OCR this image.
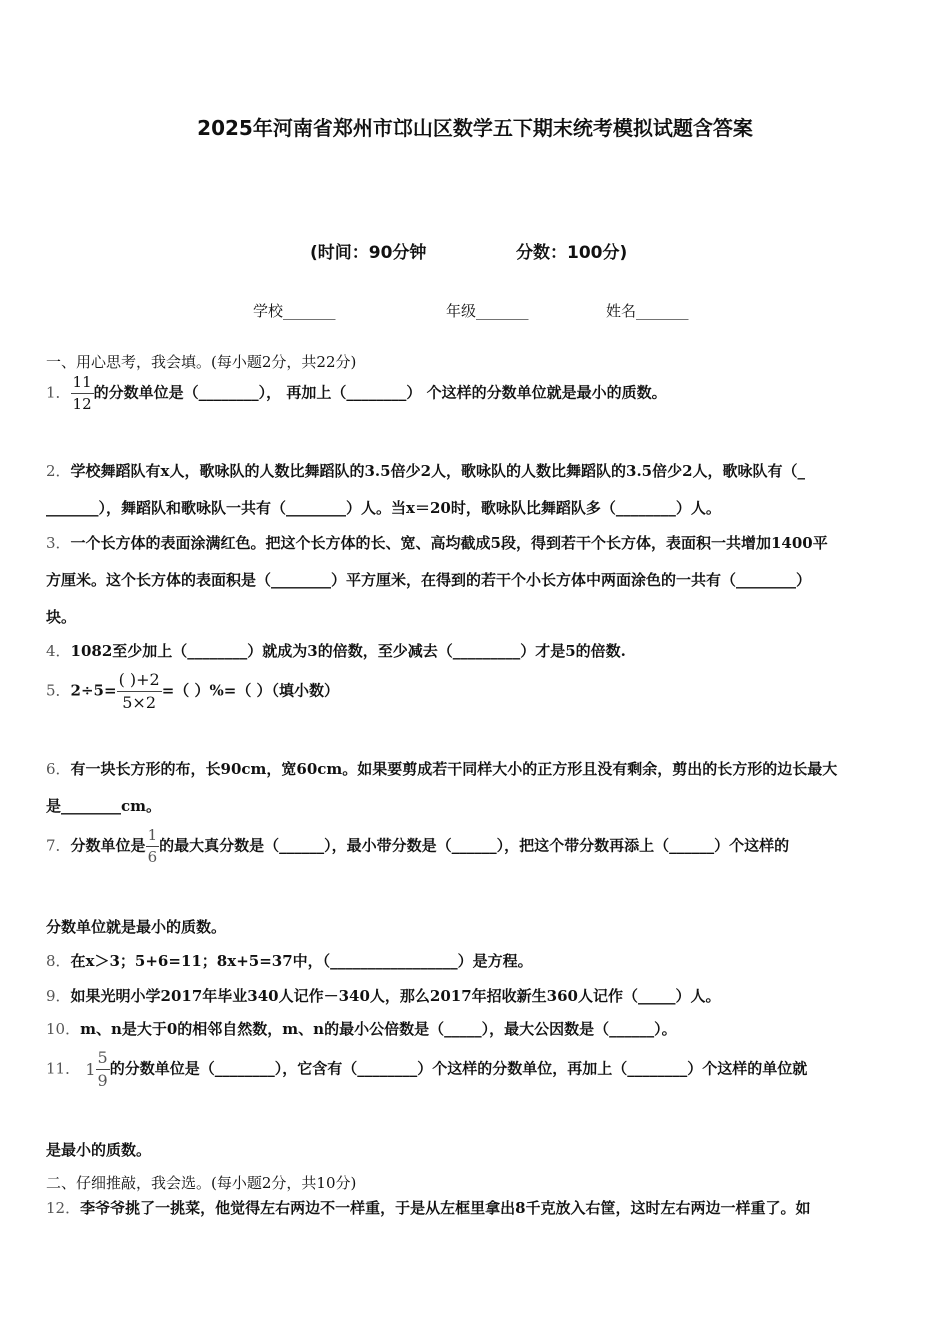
2025年河南省郑州市邙山区数学五下期末统考模拟试题含答案
(时间：90分钟	分数：100分)
学校_______	年级_______	姓名_______
一、用心思考，我会填。(每小题2分，共22分)
1． $\frac{11}{12}$ 的分数单位是（________）， 再加上（________） 个这样的分数单位就是最小的质数。
2．学校舞蹈队有x人，歌咏队的人数比舞蹈队的3.5倍少2人，歌咏队的人数比舞蹈队的3.5倍少2人，歌咏队有（_
_______），舞蹈队和歌咏队一共有（________）人。当x＝20时，歌咏队比舞蹈队多（________）人。
3．一个长方体的表面涂满红色。把这个长方体的长、宽、高均截成5段，得到若干个长方体，表面积一共增加1400平
方厘米。这个长方体的表面积是（________）平方厘米，在得到的若干个小长方体中两面涂色的一共有（________）
块。
4．1082至少加上（________）就成为3的倍数，至少减去（_________）才是5的倍数.
5．$2\div 5= \frac{( )+2}{5\times 2}$ =（ ）%=（ ）（填小数）
6．有一块长方形的布，长90cm，宽60cm。如果要剪成若干同样大小的正方形且没有剩余，剪出的长方形的边长最大
是________cm。
7．分数单位是 $\frac{1}{6}$ 的最大真分数是（______），最小带分数是（______），把这个带分数再添上（______）个这样的
分数单位就是最小的质数。
8．在x＞3；5+6=11；8x+5=37中，（_________________）是方程。
9．如果光明小学2017年毕业340人记作－340人，那么2017年招收新生360人记作（_____）人。
10．m、n是大于0的相邻自然数，m、n的最小公倍数是（_____），最大公因数是（______）。
11． $1 \frac{5}{9}$ 的分数单位是（________），它含有（________）个这样的分数单位，再加上（________）个这样的单位就
是最小的质数。
二、仔细推敲，我会选。(每小题2分，共10分)
12．李爷爷挑了一挑菜，他觉得左右两边不一样重，于是从左框里拿出8千克放入右筐，这时左右两边一样重了。如
